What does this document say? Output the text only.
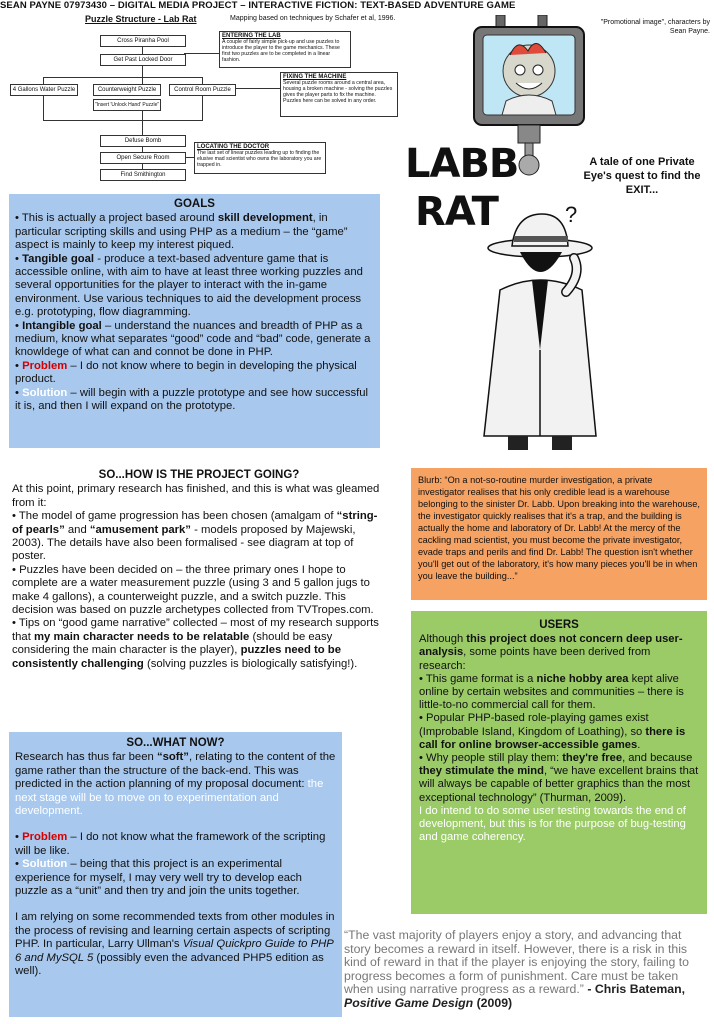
SEAN PAYNE 07973430 – DIGITAL MEDIA PROJECT – INTERACTIVE FICTION: TEXT-BASED ADVENTURE GAME
Puzzle Structure - Lab Rat	Mapping based on techniques by Schafer et al, 1996.
Cross Piranha Pool
Get Past Locked Door
4 Gallons Water Puzzle	Counterweight Puzzle
"Insert 'Unlock Hand' Puzzle"
Control Room Puzzle
Defuse Bomb
Open Secure Room
Find Smithington
ENTERING THE LAB
A couple of fairly simple pick-up and use puzzles to introduce the player to the game mechanics. These first two puzzles are to be completed in a linear fashion.
FIXING THE MACHINE
Several puzzle rooms around a central area, housing a broken machine - solving the puzzles gives the player parts to fix the machine. Puzzles here can be solved in any order.
LOCATING THE DOCTOR
The last set of linear puzzles leading up to finding the elusive mad scientist who owns the laboratory you are trapped in.
"Promotional image", characters by Sean Payne.
LABB
RAT
A tale of one Private Eye's quest to find the EXIT...
?
GOALS

• This is actually a project based around skill development, in particular scripting skills and using PHP as a medium – the “game” aspect is mainly to keep my interest piqued.

• Tangible goal - produce a text-based adventure game that is accessible online, with aim to have at least three working puzzles and several opportunities for the player to interact with the in-game environment. Use various techniques to aid the development process e.g. prototyping, flow diagramming.

• Intangible goal – understand the nuances and breadth of PHP as a medium, know what separates “good” code and “bad” code, generate a knowldege of what can and connot be done in PHP.

• Problem – I do not know where to begin in developing the physical product.

• Solution – will begin with a puzzle prototype and see how successful it is, and then I will expand on the prototype.

SO...HOW IS THE PROJECT GOING?

At this point, primary research has finished, and this is what was gleamed from it:

• The model of game progression has been chosen (amalgam of “string-of pearls” and “amusement park” - models proposed by Majewski, 2003). The details have also been formalised - see diagram at top of poster.

• Puzzles have been decided on – the three primary ones I hope to complete are a water measurement puzzle (using 3 and 5 gallon jugs to make 4 gallons), a counterweight puzzle, and a switch puzzle. This decision was based on puzzle archetypes collected from TVTropes.com.

• Tips on “good game narrative” collected – most of my research supports that my main character needs to be relatable (should be easy considering the main character is the player), puzzles need to be consistently challenging (solving puzzles is biologically satisfying!).

SO...WHAT NOW?

Research has thus far been “soft”, relating to the content of the game rather than the structure of the back-end. This was predicted in the action planning of my proposal document: the next stage will be to move on to experimentation and development.

• Problem – I do not know what the framework of the scripting will be like.

• Solution – being that this project is an experimental experience for myself, I may very well try to develop each puzzle as a “unit” and then try and join the units together.

I am relying on some recommended texts from other modules in the process of revising and learning certain aspects of scripting PHP. In particular, Larry Ullman's Visual Quickpro Guide to PHP 6 and MySQL 5 (possibly even the advanced PHP5 edition as well).

Blurb: “On a not-so-routine murder investigation, a private investigator realises that his only credible lead is a warehouse belonging to the sinister Dr. Labb. Upon breaking into the warehouse, the investigator quickly realises that it's a trap, and the building is actually the home and laboratory of Dr. Labb! At the mercy of the cackling mad scientist, you must become the private investigator, evade traps and perils and find Dr. Labb! The question isn't whether you'll get out of the laboratory, it's how many pieces you'll be in when you leave the building...”
USERS

Although this project does not concern deep user-analysis, some points have been derived from research:

• This game format is a niche hobby area kept alive online by certain websites and communities – there is little-to-no commercial call for them.

• Popular PHP-based role-playing games exist (Improbable Island, Kingdom of Loathing), so there is call for online browser-accessible games.

• Why people still play them: they're free, and because they stimulate the mind, “we have excellent brains that will always be capable of better graphics than the most exceptional technology” (Thurman, 2009).

I do intend to do some user testing towards the end of development, but this is for the purpose of bug-testing and game coherency.

“The vast majority of players enjoy a story, and advancing that story becomes a reward in itself. However, there is a risk in this kind of reward in that if the player is enjoying the story, failing to progress becomes a form of punishment. Care must be taken when using narrative progress as a reward.” - Chris Bateman, Positive Game Design (2009)
